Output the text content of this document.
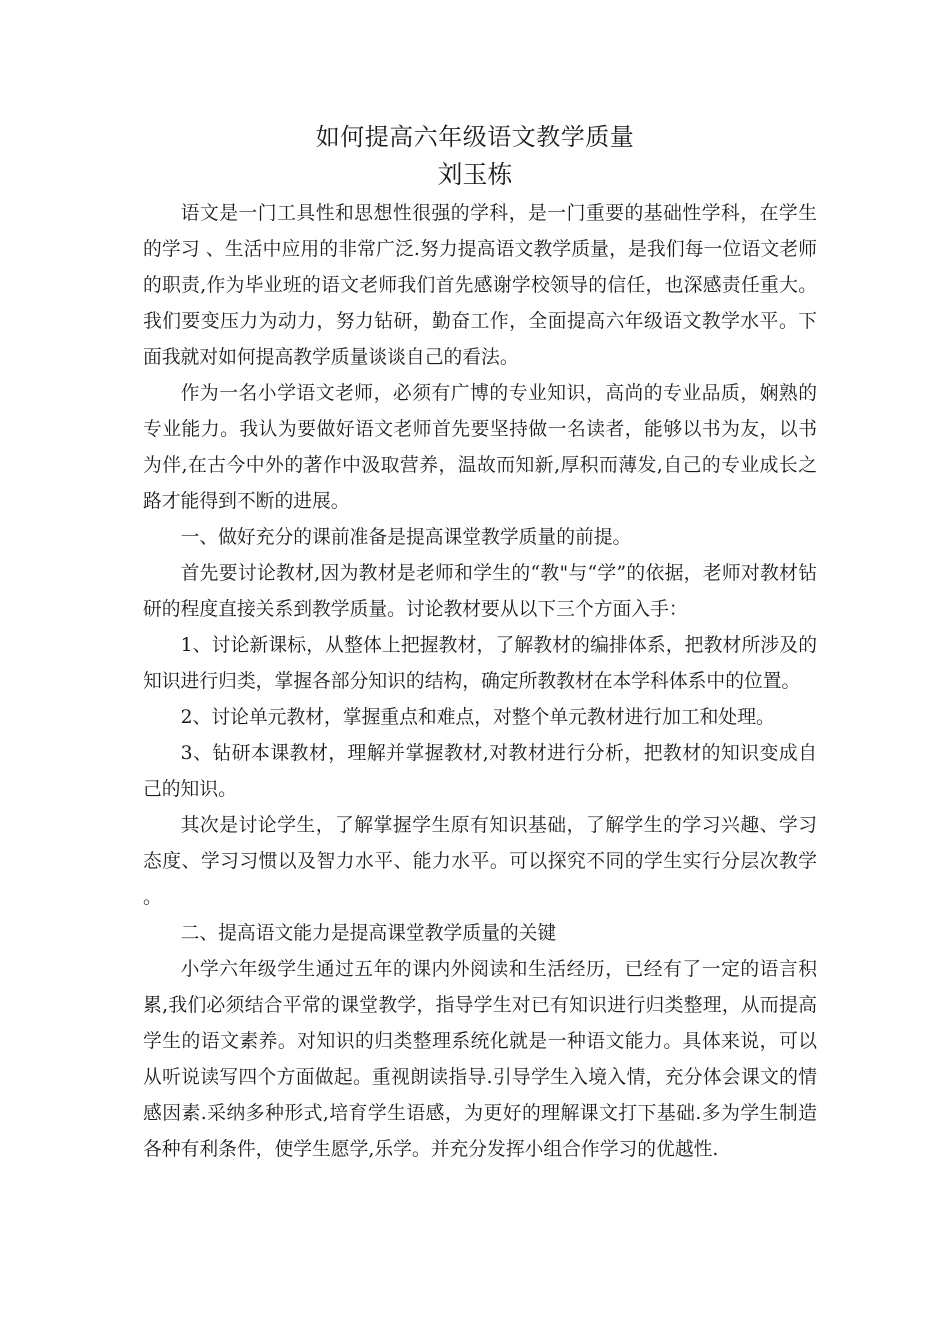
如何提高六年级语文教学质量
刘玉栋

语文是一门工具性和思想性很强的学科，是一门重要的基础性学科，在学生的学习 、生活中应用的非常广泛.努力提高语文教学质量，是我们每一位语文老师的职责,作为毕业班的语文老师我们首先感谢学校领导的信任，也深感责任重大。我们要变压力为动力，努力钻研，勤奋工作，全面提高六年级语文教学水平。下面我就对如何提高教学质量谈谈自己的看法。

作为一名小学语文老师，必须有广博的专业知识，高尚的专业品质，娴熟的专业能力。我认为要做好语文老师首先要坚持做一名读者，能够以书为友，以书为伴,在古今中外的著作中汲取营养，温故而知新,厚积而薄发,自己的专业成长之路才能得到不断的进展。

一、做好充分的课前准备是提高课堂教学质量的前提。

首先要讨论教材,因为教材是老师和学生的“教"与“学”的依据，老师对教材钻研的程度直接关系到教学质量。讨论教材要从以下三个方面入手：

1、讨论新课标，从整体上把握教材，了解教材的编排体系，把教材所涉及的知识进行归类，掌握各部分知识的结构，确定所教教材在本学科体系中的位置。

2、讨论单元教材，掌握重点和难点，对整个单元教材进行加工和处理。

3、钻研本课教材，理解并掌握教材,对教材进行分析，把教材的知识变成自己的知识。

其次是讨论学生，了解掌握学生原有知识基础，了解学生的学习兴趣、学习态度、学习习惯以及智力水平、能力水平。可以探究不同的学生实行分层次教学。

二、提高语文能力是提高课堂教学质量的关键

小学六年级学生通过五年的课内外阅读和生活经历，已经有了一定的语言积累,我们必须结合平常的课堂教学，指导学生对已有知识进行归类整理，从而提高学生的语文素养。对知识的归类整理系统化就是一种语文能力。具体来说，可以从听说读写四个方面做起。重视朗读指导.引导学生入境入情，充分体会课文的情感因素.采纳多种形式,培育学生语感，为更好的理解课文打下基础.多为学生制造各种有利条件，使学生愿学,乐学。并充分发挥小组合作学习的优越性.
